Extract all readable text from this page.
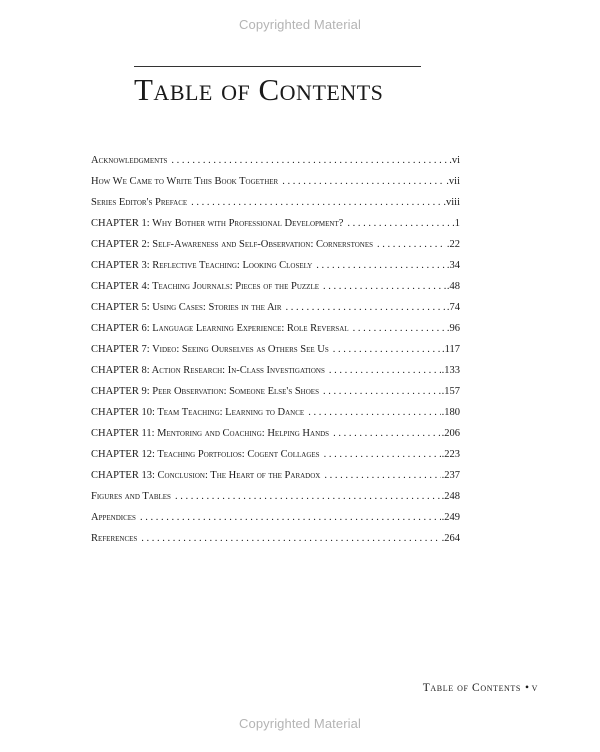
Copyrighted Material
Table of Contents
Acknowledgments . . .	.vi
How We Came to Write This Book Together . . .	.vii
Series Editor's Preface . . .	.viii
CHAPTER 1: Why Bother with Professional Development? . . .	.1
CHAPTER 2: Self-Awareness and Self-Observation: Cornerstones . . .	.22
CHAPTER 3: Reflective Teaching: Looking Closely . . .	.34
CHAPTER 4: Teaching Journals: Pieces of the Puzzle . . .	.48
CHAPTER 5: Using Cases: Stories in the Air . . .	.74
CHAPTER 6: Language Learning Experience: Role Reversal . . .	.96
CHAPTER 7: Video: Seeing Ourselves as Others See Us . . .	.117
CHAPTER 8: Action Research: In-Class Investigations . . .	.133
CHAPTER 9: Peer Observation: Someone Else's Shoes . . .	.157
CHAPTER 10: Team Teaching: Learning to Dance . . .	.180
CHAPTER 11: Mentoring and Coaching: Helping Hands . . .	.206
CHAPTER 12: Teaching Portfolios: Cogent Collages . . .	.223
CHAPTER 13: Conclusion: The Heart of the Paradox . . .	.237
Figures and Tables . . .	.248
Appendices . . .	.249
References . . .	.264
Table of Contents • v
Copyrighted Material
